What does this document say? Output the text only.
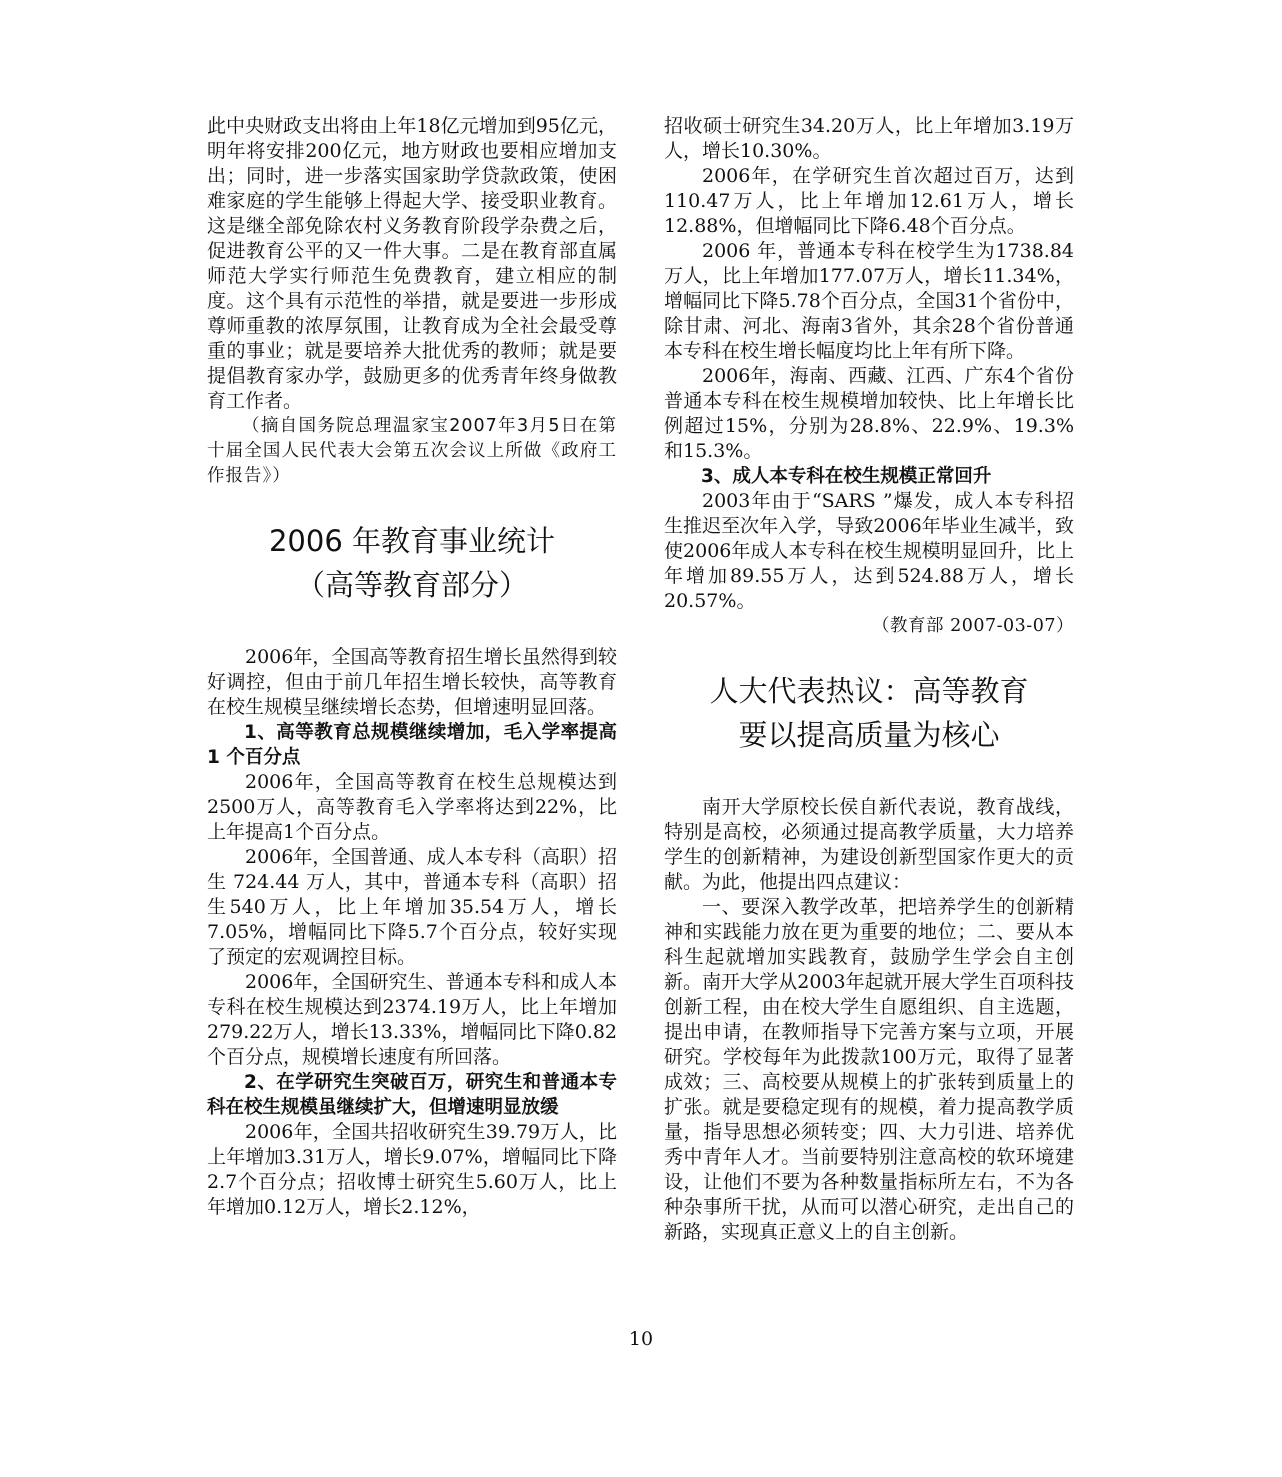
此中央财政支出将由上年18亿元增加到95亿元，明年将安排200亿元，地方财政也要相应增加支出；同时，进一步落实国家助学贷款政策，使困难家庭的学生能够上得起大学、接受职业教育。这是继全部免除农村义务教育阶段学杂费之后，促进教育公平的又一件大事。二是在教育部直属师范大学实行师范生免费教育，建立相应的制度。这个具有示范性的举措，就是要进一步形成尊师重教的浓厚氛围，让教育成为全社会最受尊重的事业；就是要培养大批优秀的教师；就是要提倡教育家办学，鼓励更多的优秀青年终身做教育工作者。

（摘自国务院总理温家宝2007年3月5日在第十届全国人民代表大会第五次会议上所做《政府工作报告》）

2006 年教育事业统计
（高等教育部分）

2006年，全国高等教育招生增长虽然得到较好调控，但由于前几年招生增长较快，高等教育在校生规模呈继续增长态势，但增速明显回落。

1、高等教育总规模继续增加，毛入学率提高 1 个百分点

2006年，全国高等教育在校生总规模达到2500万人，高等教育毛入学率将达到22%，比上年提高1个百分点。

2006年，全国普通、成人本专科（高职）招生 724.44 万人，其中，普通本专科（高职）招生540万人，比上年增加35.54万人，增长7.05%，增幅同比下降5.7个百分点，较好实现了预定的宏观调控目标。

2006年，全国研究生、普通本专科和成人本专科在校生规模达到2374.19万人，比上年增加279.22万人，增长13.33%，增幅同比下降0.82个百分点，规模增长速度有所回落。

2、在学研究生突破百万，研究生和普通本专科在校生规模虽继续扩大，但增速明显放缓

2006年，全国共招收研究生39.79万人，比上年增加3.31万人，增长9.07%，增幅同比下降2.7个百分点；招收博士研究生5.60万人，比上年增加0.12万人，增长2.12%，

招收硕士研究生34.20万人，比上年增加3.19万人，增长10.30%。

2006年，在学研究生首次超过百万，达到110.47万人，比上年增加12.61万人，增长12.88%，但增幅同比下降6.48个百分点。

2006 年，普通本专科在校学生为1738.84万人，比上年增加177.07万人，增长11.34%，增幅同比下降5.78个百分点，全国31个省份中，除甘肃、河北、海南3省外，其余28个省份普通本专科在校生增长幅度均比上年有所下降。

2006年，海南、西藏、江西、广东4个省份普通本专科在校生规模增加较快、比上年增长比例超过15%，分别为28.8%、22.9%、19.3%和15.3%。

3、成人本专科在校生规模正常回升

2003年由于“SARS ”爆发，成人本专科招生推迟至次年入学，导致2006年毕业生减半，致使2006年成人本专科在校生规模明显回升，比上年增加89.55万人，达到524.88万人，增长20.57%。

（教育部 2007-03-07）

人大代表热议：高等教育
要以提高质量为核心

南开大学原校长侯自新代表说，教育战线，特别是高校，必须通过提高教学质量，大力培养学生的创新精神，为建设创新型国家作更大的贡献。为此，他提出四点建议：

一、要深入教学改革，把培养学生的创新精神和实践能力放在更为重要的地位；二、要从本科生起就增加实践教育，鼓励学生学会自主创新。南开大学从2003年起就开展大学生百项科技创新工程，由在校大学生自愿组织、自主选题，提出申请，在教师指导下完善方案与立项，开展研究。学校每年为此拨款100万元，取得了显著成效；三、高校要从规模上的扩张转到质量上的扩张。就是要稳定现有的规模，着力提高教学质量，指导思想必须转变；四、大力引进、培养优秀中青年人才。当前要特别注意高校的软环境建设，让他们不要为各种数量指标所左右，不为各种杂事所干扰，从而可以潜心研究，走出自己的新路，实现真正意义上的自主创新。

10
